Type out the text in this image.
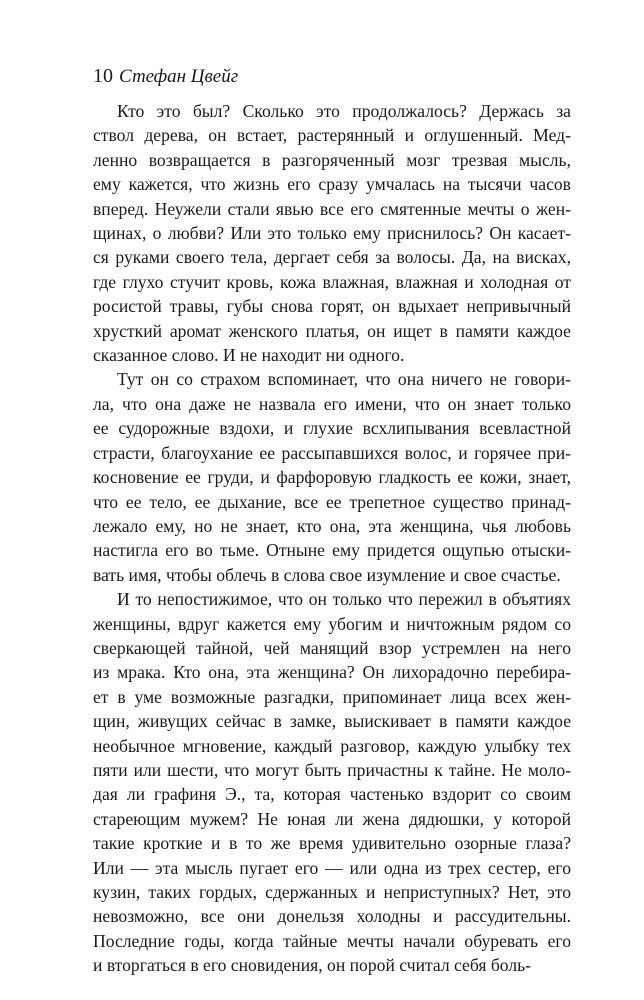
10 Стефан Цвейг

Кто это был? Сколько это продолжалось? Держась за
ствол дерева, он встает, растерянный и оглушенный. Мед-
ленно возвращается в разгоряченный мозг трезвая мысль,
ему кажется, что жизнь его сразу умчалась на тысячи часов
вперед. Неужели стали явью все его смятенные мечты о жен-
щинах, о любви? Или это только ему приснилось? Он касает-
ся руками своего тела, дергает себя за волосы. Да, на висках,
где глухо стучит кровь, кожа влажная, влажная и холодная от
росистой травы, губы снова горят, он вдыхает непривычный
хрусткий аромат женского платья, он ищет в памяти каждое
сказанное слово. И не находит ни одного.

Тут он со страхом вспоминает, что она ничего не говори-
ла, что она даже не назвала его имени, что он знает только
ее судорожные вздохи, и глухие всхлипывания всевластной
страсти, благоухание ее рассыпавшихся волос, и горячее при-
косновение ее груди, и фарфоровую гладкость ее кожи, знает,
что ее тело, ее дыхание, все ее трепетное существо принад-
лежало ему, но не знает, кто она, эта женщина, чья любовь
настигла его во тьме. Отныне ему придется ощупью отыски-
вать имя, чтобы облечь в слова свое изумление и свое счастье.

И то непостижимое, что он только что пережил в объятиях
женщины, вдруг кажется ему убогим и ничтожным рядом со
сверкающей тайной, чей манящий взор устремлен на него
из мрака. Кто она, эта женщина? Он лихорадочно перебира-
ет в уме возможные разгадки, припоминает лица всех жен-
щин, живущих сейчас в замке, выискивает в памяти каждое
необычное мгновение, каждый разговор, каждую улыбку тех
пяти или шести, что могут быть причастны к тайне. Не моло-
дая ли графиня Э., та, которая частенько вздорит со своим
стареющим мужем? Не юная ли жена дядюшки, у которой
такие кроткие и в то же время удивительно озорные глаза?
Или — эта мысль пугает его — или одна из трех сестер, его
кузин, таких гордых, сдержанных и неприступных? Нет, это
невозможно, все они донельзя холодны и рассудительны.
Последние годы, когда тайные мечты начали обуревать его
и вторгаться в его сновидения, он порой считал себя боль-
